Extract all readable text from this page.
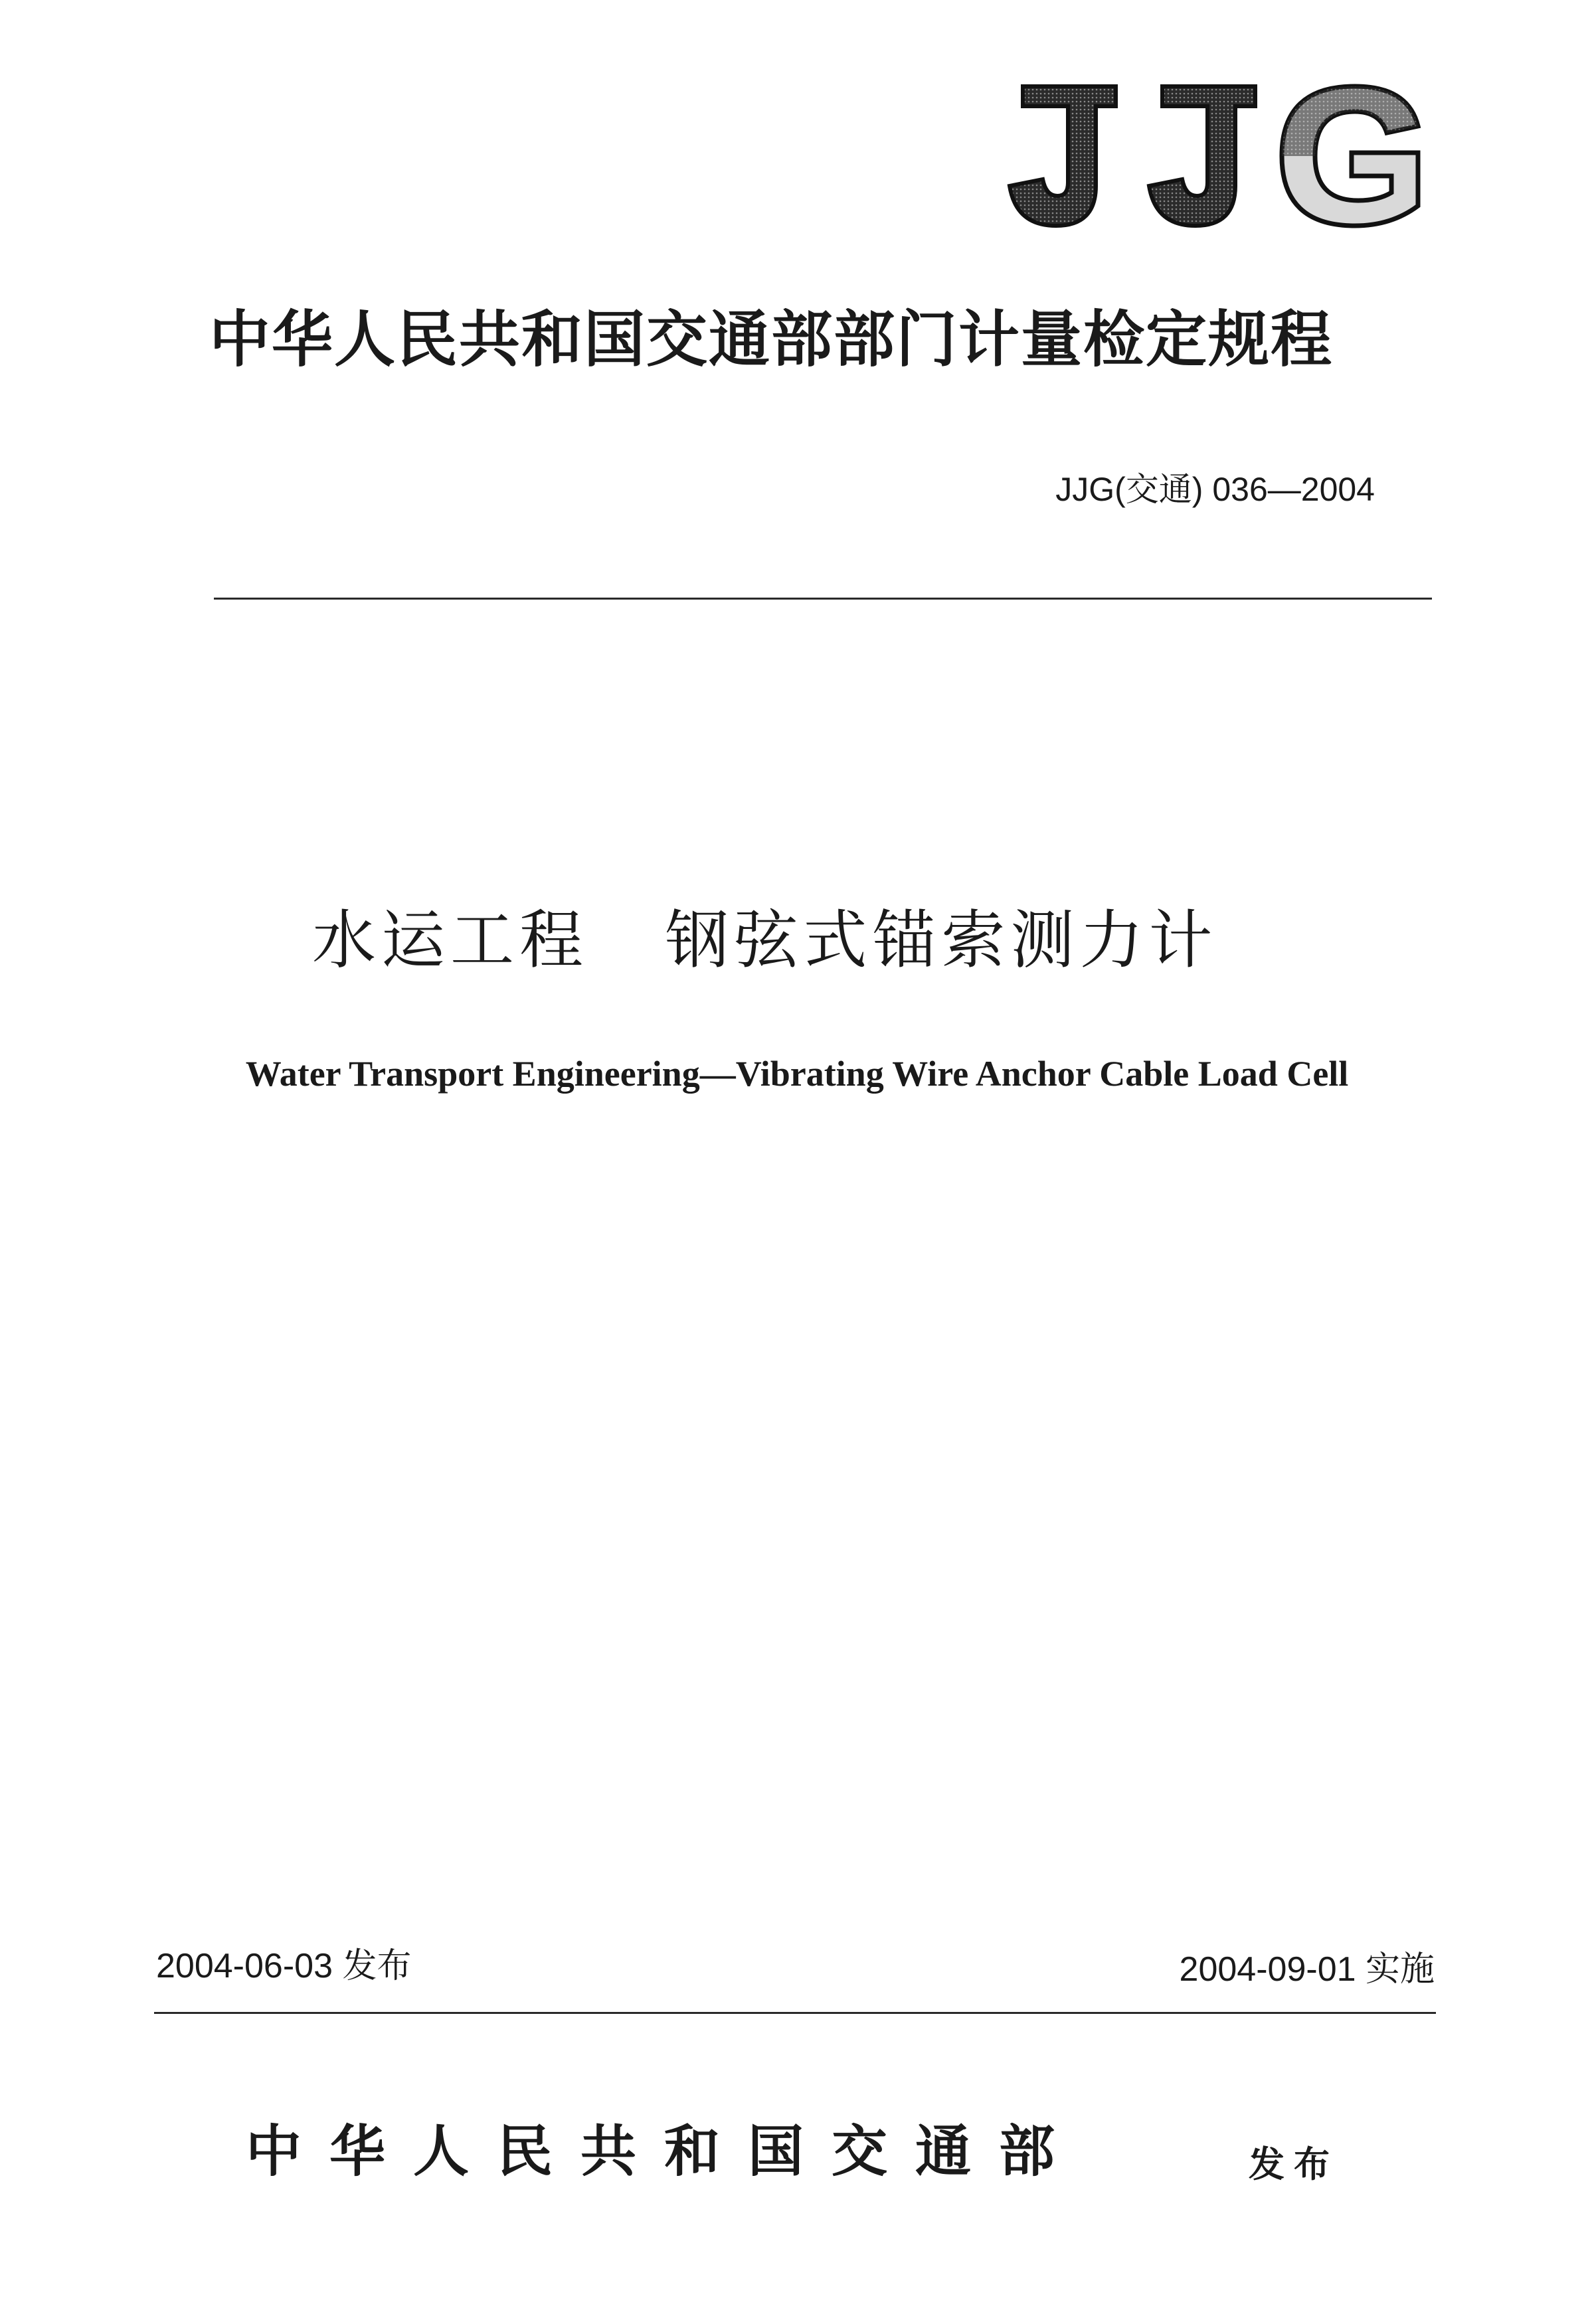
中华人民共和国交通部部门计量检定规程
JJG(交通) 036—2004
水运工程   钢弦式锚索测力计
Water Transport Engineering—Vibrating Wire Anchor Cable Load Cell
2004-06-03 发布	2004-09-01 实施
中华人民共和国交通部	发布
